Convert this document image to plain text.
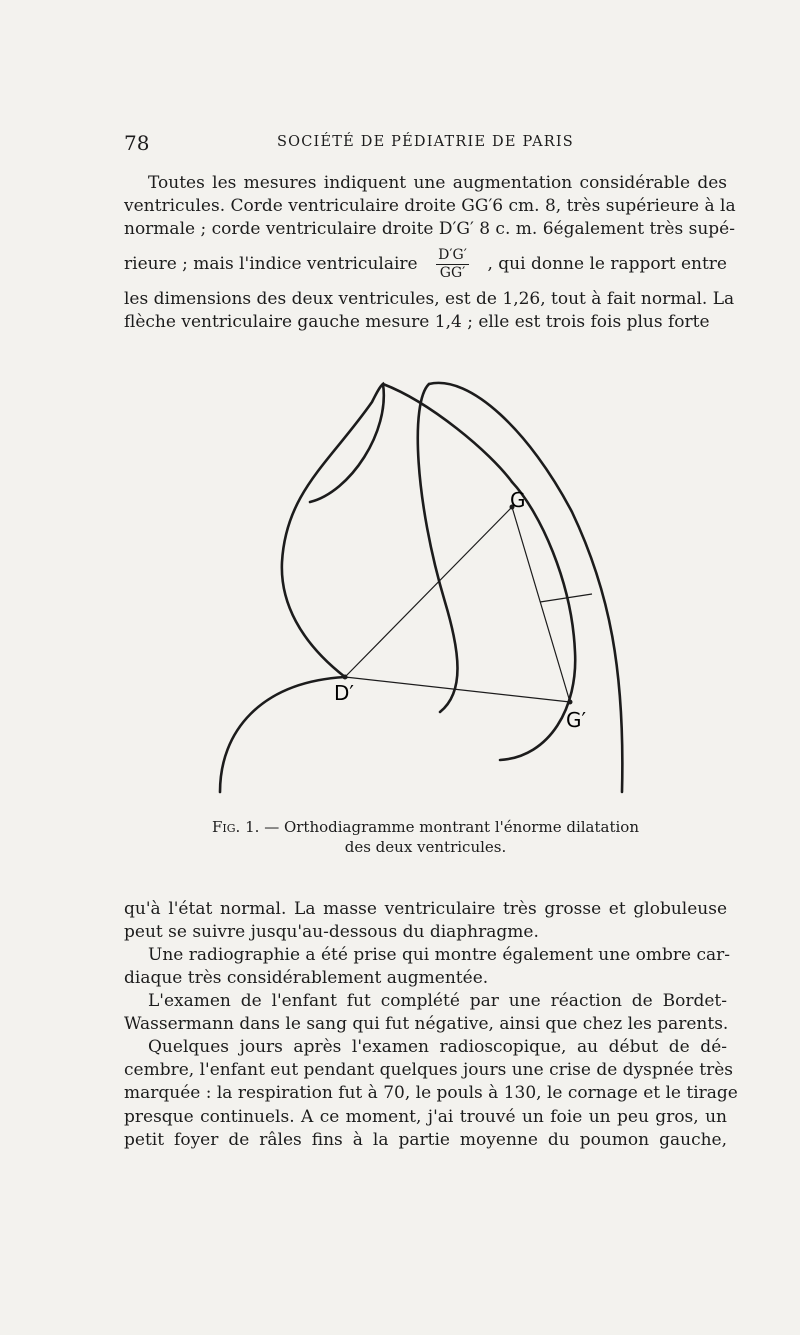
78	SOCIÉTÉ DE PÉDIATRIE DE PARIS
Toutes les mesures indiquent une augmentation considérable des
ventricules. Corde ventriculaire droite GG′6 cm. 8, très supérieure à la
normale ; corde ventriculaire droite D′G′ 8 c. m. 6également très supé-
rieure ; mais l'indice ventriculaire $\frac{D'G'}{GG'}$ , qui donne le rapport entre
les dimensions des deux ventricules, est de 1,26, tout à fait normal. La
flèche ventriculaire gauche mesure 1,4 ; elle est trois fois plus forte
G
D′
G′
Fig. 1. — Orthodiagramme montrant l'énorme dilatation
des deux ventricules.
qu'à l'état normal. La masse ventriculaire très grosse et globuleuse
peut se suivre jusqu'au-dessous du diaphragme.
Une radiographie a été prise qui montre également une ombre car-
diaque très considérablement augmentée.
L'examen de l'enfant fut complété par une réaction de Bordet-
Wassermann dans le sang qui fut négative, ainsi que chez les parents.
Quelques jours après l'examen radioscopique, au début de dé-
cembre, l'enfant eut pendant quelques jours une crise de dyspnée très
marquée : la respiration fut à 70, le pouls à 130, le cornage et le tirage
presque continuels. A ce moment, j'ai trouvé un foie un peu gros, un
petit foyer de râles fins à la partie moyenne du poumon gauche,
